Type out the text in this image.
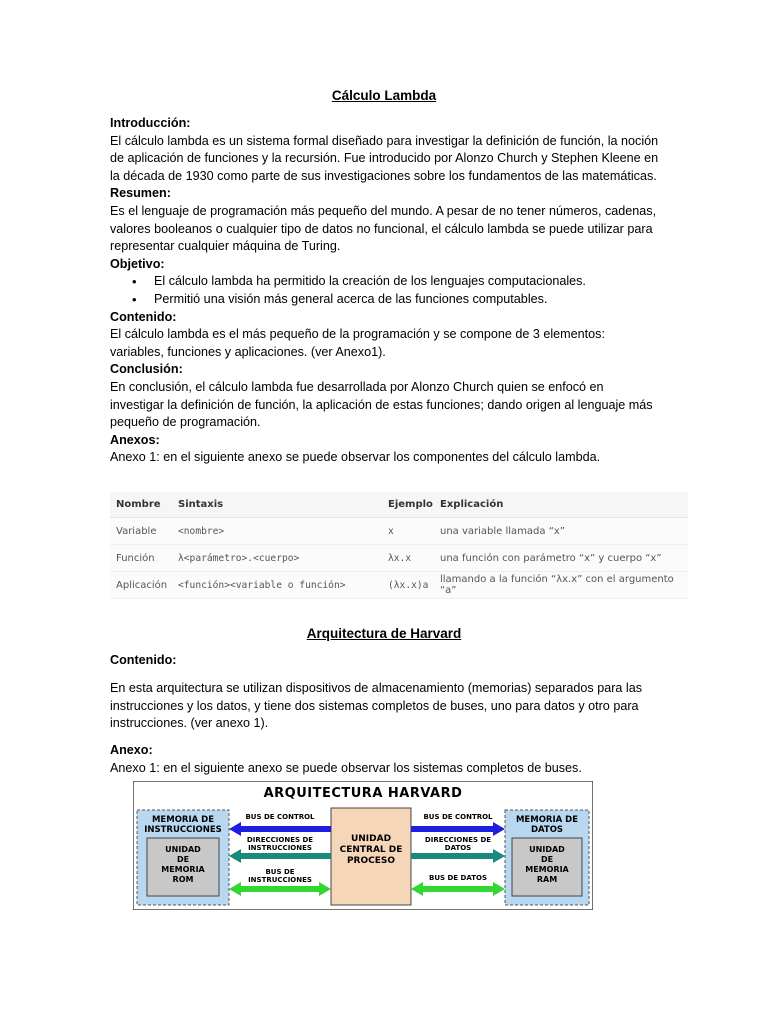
Cálculo Lambda

Introducción:

El cálculo lambda es un sistema formal diseñado para investigar la definición de función, la noción de aplicación de funciones y la recursión. Fue introducido por Alonzo Church y Stephen Kleene en la década de 1930 como parte de sus investigaciones sobre los fundamentos de las matemáticas.

Resumen:

Es el lenguaje de programación más pequeño del mundo. A pesar de no tener números, cadenas, valores booleanos o cualquier tipo de datos no funcional, el cálculo lambda se puede utilizar para representar cualquier máquina de Turing.

Objetivo:

• El cálculo lambda ha permitido la creación de los lenguajes computacionales.
• Permitió una visión más general acerca de las funciones computables.

Contenido:

El cálculo lambda es el más pequeño de la programación y se compone de 3 elementos: variables, funciones y aplicaciones. (ver Anexo1).

Conclusión:

En conclusión, el cálculo lambda fue desarrollada por Alonzo Church quien se enfocó en investigar la definición de función, la aplicación de estas funciones; dando origen al lenguaje más pequeño de programación.

Anexos:

Anexo 1: en el siguiente anexo se puede observar los componentes del cálculo lambda.

Nombre	Sintaxis	Ejemplo	Explicación
Variable	<nombre>	x	una variable llamada “x”
Función	λ<parámetro>.<cuerpo>	λx.x	una función con parámetro “x” y cuerpo “x”
Aplicación	<función><variable o función>	(λx.x)a	llamando a la función “λx.x” con el argumento “a”
Arquitectura de Harvard

Contenido:

En esta arquitectura se utilizan dispositivos de almacenamiento (memorias) separados para las instrucciones y los datos, y tiene dos sistemas completos de buses, uno para datos y otro para instrucciones. (ver anexo 1).

Anexo:

Anexo 1: en el siguiente anexo se puede observar los sistemas completos de buses.

ARQUITECTURA HARVARD
MEMORIA DE
INSTRUCCIONES
UNIDAD
DE
MEMORIA
ROM
MEMORIA DE
DATOS
UNIDAD
DE
MEMORIA
RAM
UNIDAD
CENTRAL DE
PROCESO
BUS DE CONTROL
DIRECCIONES DE
INSTRUCCIONES
BUS DE
INSTRUCCIONES
BUS DE CONTROL
DIRECCIONES DE
DATOS
BUS DE DATOS
